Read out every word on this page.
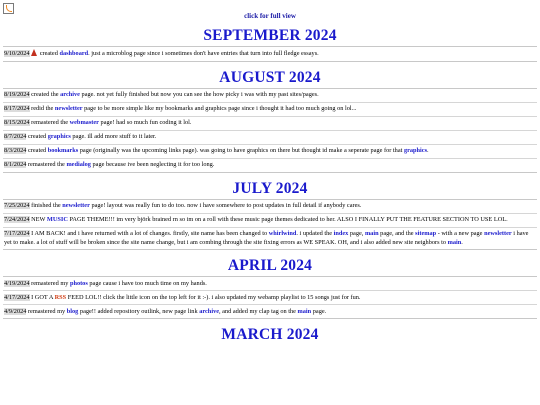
click for full view
SEPTEMBER 2024
9/10/2024
created dashboard. just a microblog page since i sometimes don't have entries that turn into full fledge essays.
AUGUST 2024
8/19/2024 created the archive page. not yet fully finished but now you can see the how picky i was with my past sites/pages.
8/17/2024 redid the newsletter page to be more simple like my bookmarks and graphics page since i thought it had too much going on lol...
8/15/2024 remastered the webmaster page! had so much fun coding it lol.
8/7/2024 created graphics page. ill add more stuff to it later.
8/3/2024 created bookmarks page (originally was the upcoming links page). was going to have graphics on there but thought id make a seperate page for that graphics.
8/1/2024 remastered the medialog page because ive been neglecting it for too long.
JULY 2024
7/25/2024 finished the newsletter page! layout was really fun to do too. now i have somewhere to post updates in full detail if anybody cares.
7/24/2024 NEW MUSIC PAGE THEME!!! im very björk brained rn so im on a roll with these music page themes dedicated to her. ALSO I FINALLY PUT THE FEATURE SECTION TO USE LOL.
7/17/2024 I AM BACK! and i have returned with a lot of changes. firstly, site name has been changed to whirlwind. i updated the index page, main page, and the sitemap - with a new page newsletter i have yet to make. a lot of stuff will be broken since the site name change, but i am combing through the site fixing errors as WE SPEAK. OH, and i also added new site neighbors to main.
APRIL 2024
4/19/2024 remastered my photos page cause i have too much time on my hands.
4/17/2024 I GOT A RSS FEED LOL!! click the little icon on the top left for it :-). i also updated my webamp playlist to 15 songs just for fun.
4/9/2024 remastered my blog page!! added repository outlink, new page link archive, and added my clap tag on the main page.
MARCH 2024
